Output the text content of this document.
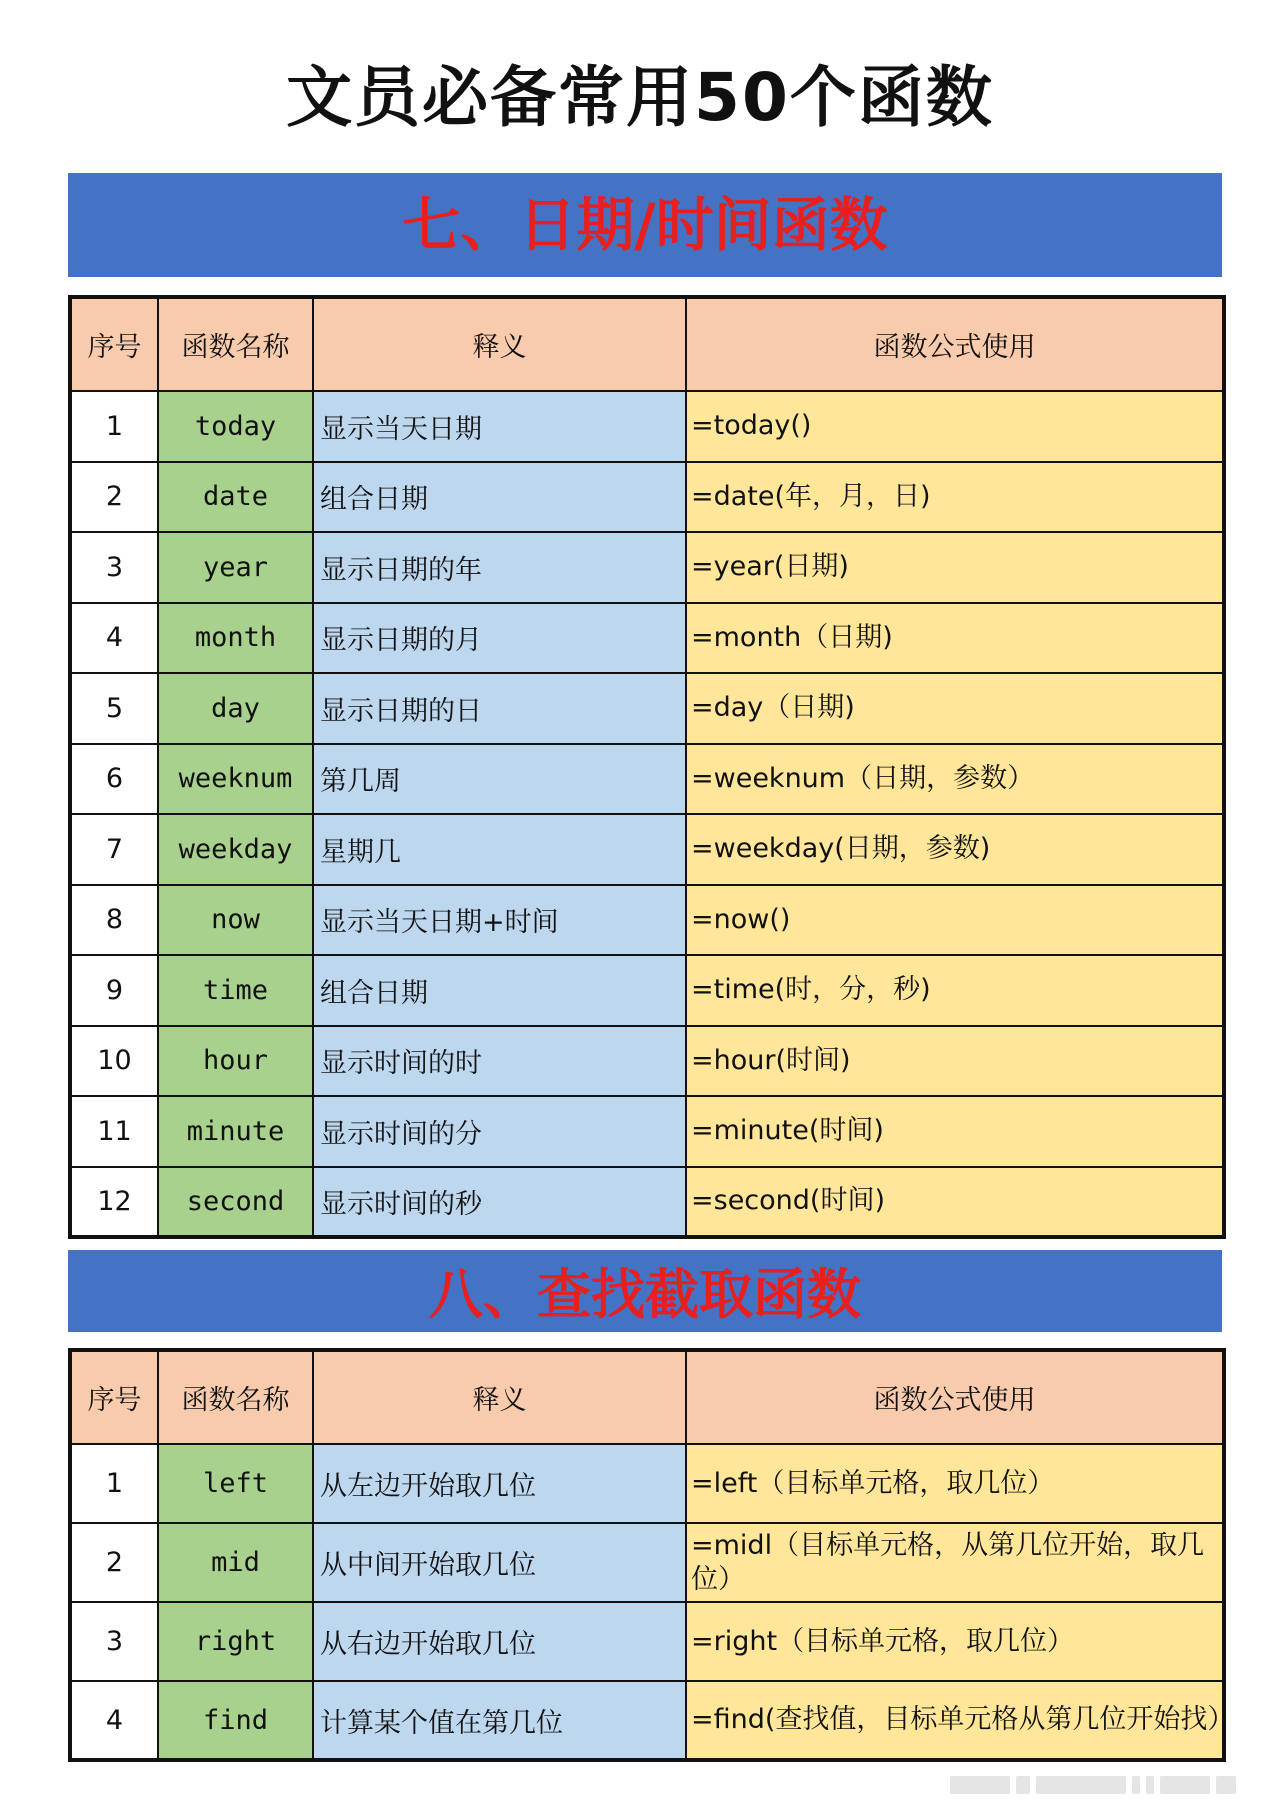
文员必备常用50个函数
七、日期/时间函数
序号	函数名称	释义	函数公式使用
1	today	显示当天日期	=today()
2	date	组合日期	=date(年，月，日)
3	year	显示日期的年	=year(日期)
4	month	显示日期的月	=month（日期)
5	day	显示日期的日	=day（日期)
6	weeknum	第几周	=weeknum（日期，参数）
7	weekday	星期几	=weekday(日期，参数)
8	now	显示当天日期+时间	=now()
9	time	组合日期	=time(时，分，秒)
10	hour	显示时间的时	=hour(时间)
11	minute	显示时间的分	=minute(时间)
12	second	显示时间的秒	=second(时间)
八、查找截取函数
序号	函数名称	释义	函数公式使用
1	left	从左边开始取几位	=left（目标单元格，取几位）
2	mid	从中间开始取几位	=midl（目标单元格，从第几位开始，取几位）
3	right	从右边开始取几位	=right（目标单元格，取几位）
4	find	计算某个值在第几位	=find(查找值，目标单元格从第几位开始找）
